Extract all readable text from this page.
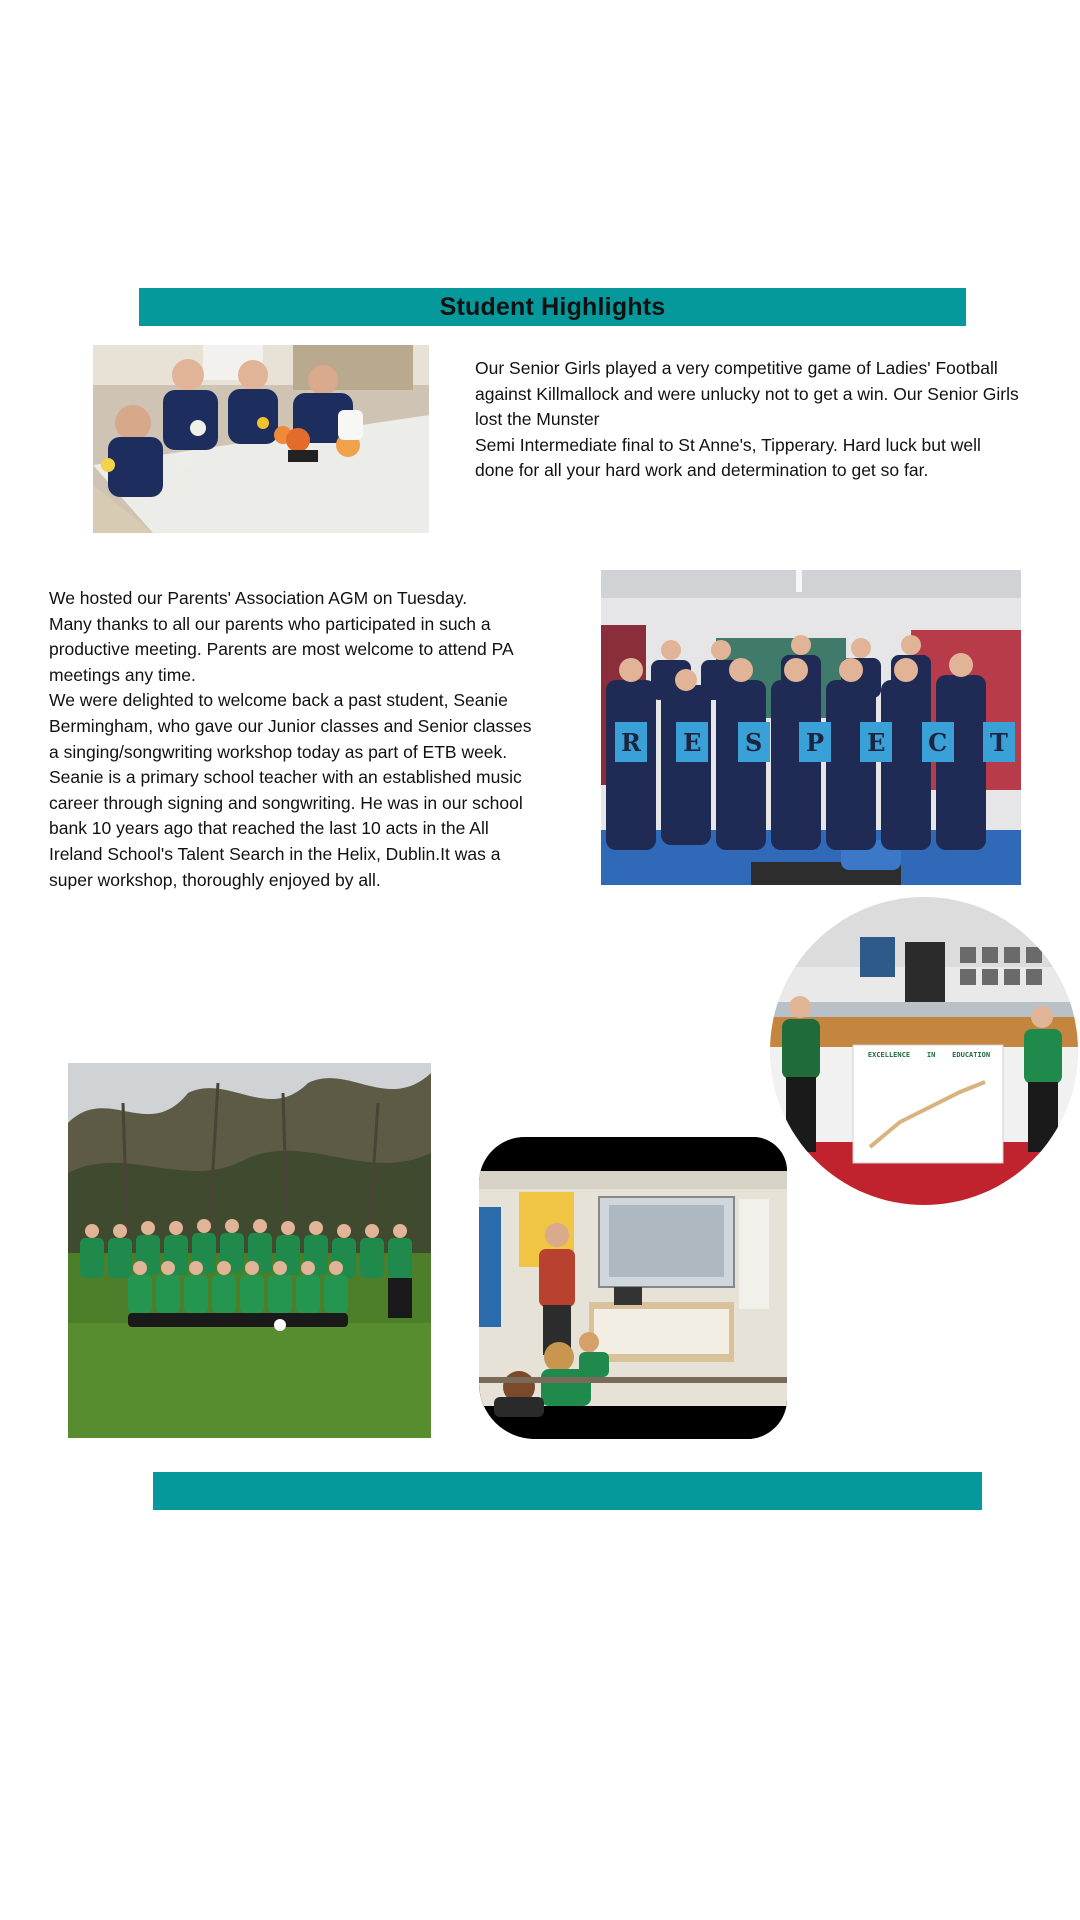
Student Highlights
Our Senior Girls played a very competitive game of Ladies' Football against Killmallock and were unlucky not to get a win. Our Senior Girls lost the Munster
Semi Intermediate final to St Anne's, Tipperary. Hard luck but well done for all your hard work and determination to get so far.
We hosted our Parents' Association AGM on Tuesday.
Many thanks to all our parents who participated in such a productive meeting. Parents are most welcome to attend PA meetings any time.
We were delighted to welcome back a past student, Seanie Bermingham, who gave our Junior classes and Senior classes a singing/songwriting workshop today as part of ETB week.
Seanie is a primary school teacher with an established music career through signing and songwriting. He was in our school bank 10 years ago that reached the last 10 acts in the All Ireland School's Talent Search in the Helix, Dublin.It was a super workshop, thoroughly enjoyed by all.
R E	S	P E C T
EXCELLENCE    IN    EDUCATION
